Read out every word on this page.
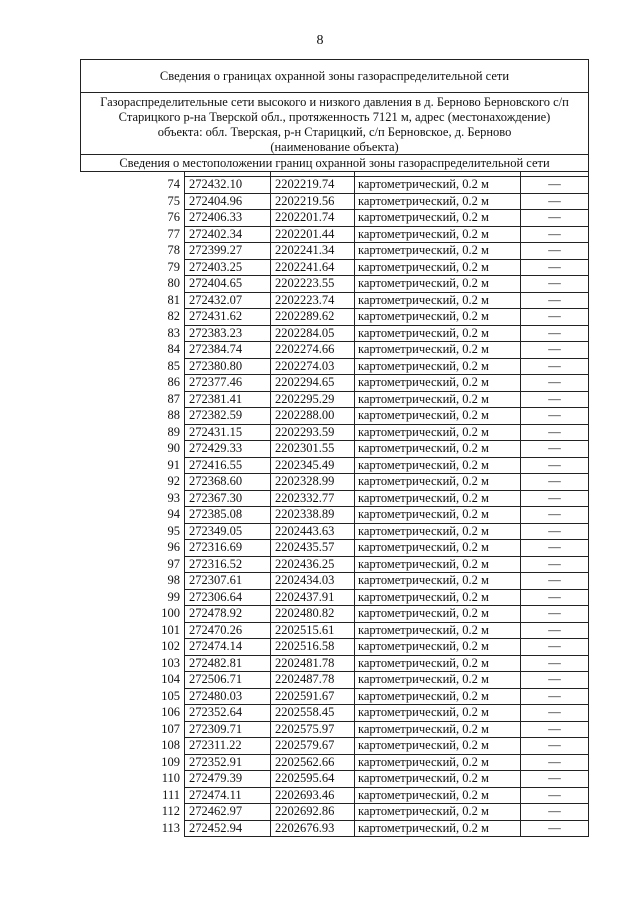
8
Сведения о границах охранной зоны газораспределительной сети				

Газораспределительные сети высокого и низкого давления в д. Берново Берновского с/п
Старицкого р-на Тверской обл., протяженность 7121 м, адрес (местонахождение)
объекта: обл. Тверская, р-н Старицкий, с/п Берновское, д. Берново				

(наименование объекта)				
Сведения о местоположении границ охранной зоны газораспределительной сети				

74	272432.10	2202219.74	картометрический, 0.2 м	—
75	272404.96	2202219.56	картометрический, 0.2 м	—
76	272406.33	2202201.74	картометрический, 0.2 м	—
77	272402.34	2202201.44	картометрический, 0.2 м	—
78	272399.27	2202241.34	картометрический, 0.2 м	—
79	272403.25	2202241.64	картометрический, 0.2 м	—
80	272404.65	2202223.55	картометрический, 0.2 м	—
81	272432.07	2202223.74	картометрический, 0.2 м	—
82	272431.62	2202289.62	картометрический, 0.2 м	—
83	272383.23	2202284.05	картометрический, 0.2 м	—
84	272384.74	2202274.66	картометрический, 0.2 м	—
85	272380.80	2202274.03	картометрический, 0.2 м	—
86	272377.46	2202294.65	картометрический, 0.2 м	—
87	272381.41	2202295.29	картометрический, 0.2 м	—
88	272382.59	2202288.00	картометрический, 0.2 м	—
89	272431.15	2202293.59	картометрический, 0.2 м	—
90	272429.33	2202301.55	картометрический, 0.2 м	—
91	272416.55	2202345.49	картометрический, 0.2 м	—
92	272368.60	2202328.99	картометрический, 0.2 м	—
93	272367.30	2202332.77	картометрический, 0.2 м	—
94	272385.08	2202338.89	картометрический, 0.2 м	—
95	272349.05	2202443.63	картометрический, 0.2 м	—
96	272316.69	2202435.57	картометрический, 0.2 м	—
97	272316.52	2202436.25	картометрический, 0.2 м	—
98	272307.61	2202434.03	картометрический, 0.2 м	—
99	272306.64	2202437.91	картометрический, 0.2 м	—
100	272478.92	2202480.82	картометрический, 0.2 м	—
101	272470.26	2202515.61	картометрический, 0.2 м	—
102	272474.14	2202516.58	картометрический, 0.2 м	—
103	272482.81	2202481.78	картометрический, 0.2 м	—
104	272506.71	2202487.78	картометрический, 0.2 м	—
105	272480.03	2202591.67	картометрический, 0.2 м	—
106	272352.64	2202558.45	картометрический, 0.2 м	—
107	272309.71	2202575.97	картометрический, 0.2 м	—
108	272311.22	2202579.67	картометрический, 0.2 м	—
109	272352.91	2202562.66	картометрический, 0.2 м	—
110	272479.39	2202595.64	картометрический, 0.2 м	—
111	272474.11	2202693.46	картометрический, 0.2 м	—
112	272462.97	2202692.86	картометрический, 0.2 м	—
113	272452.94	2202676.93	картометрический, 0.2 м	—
